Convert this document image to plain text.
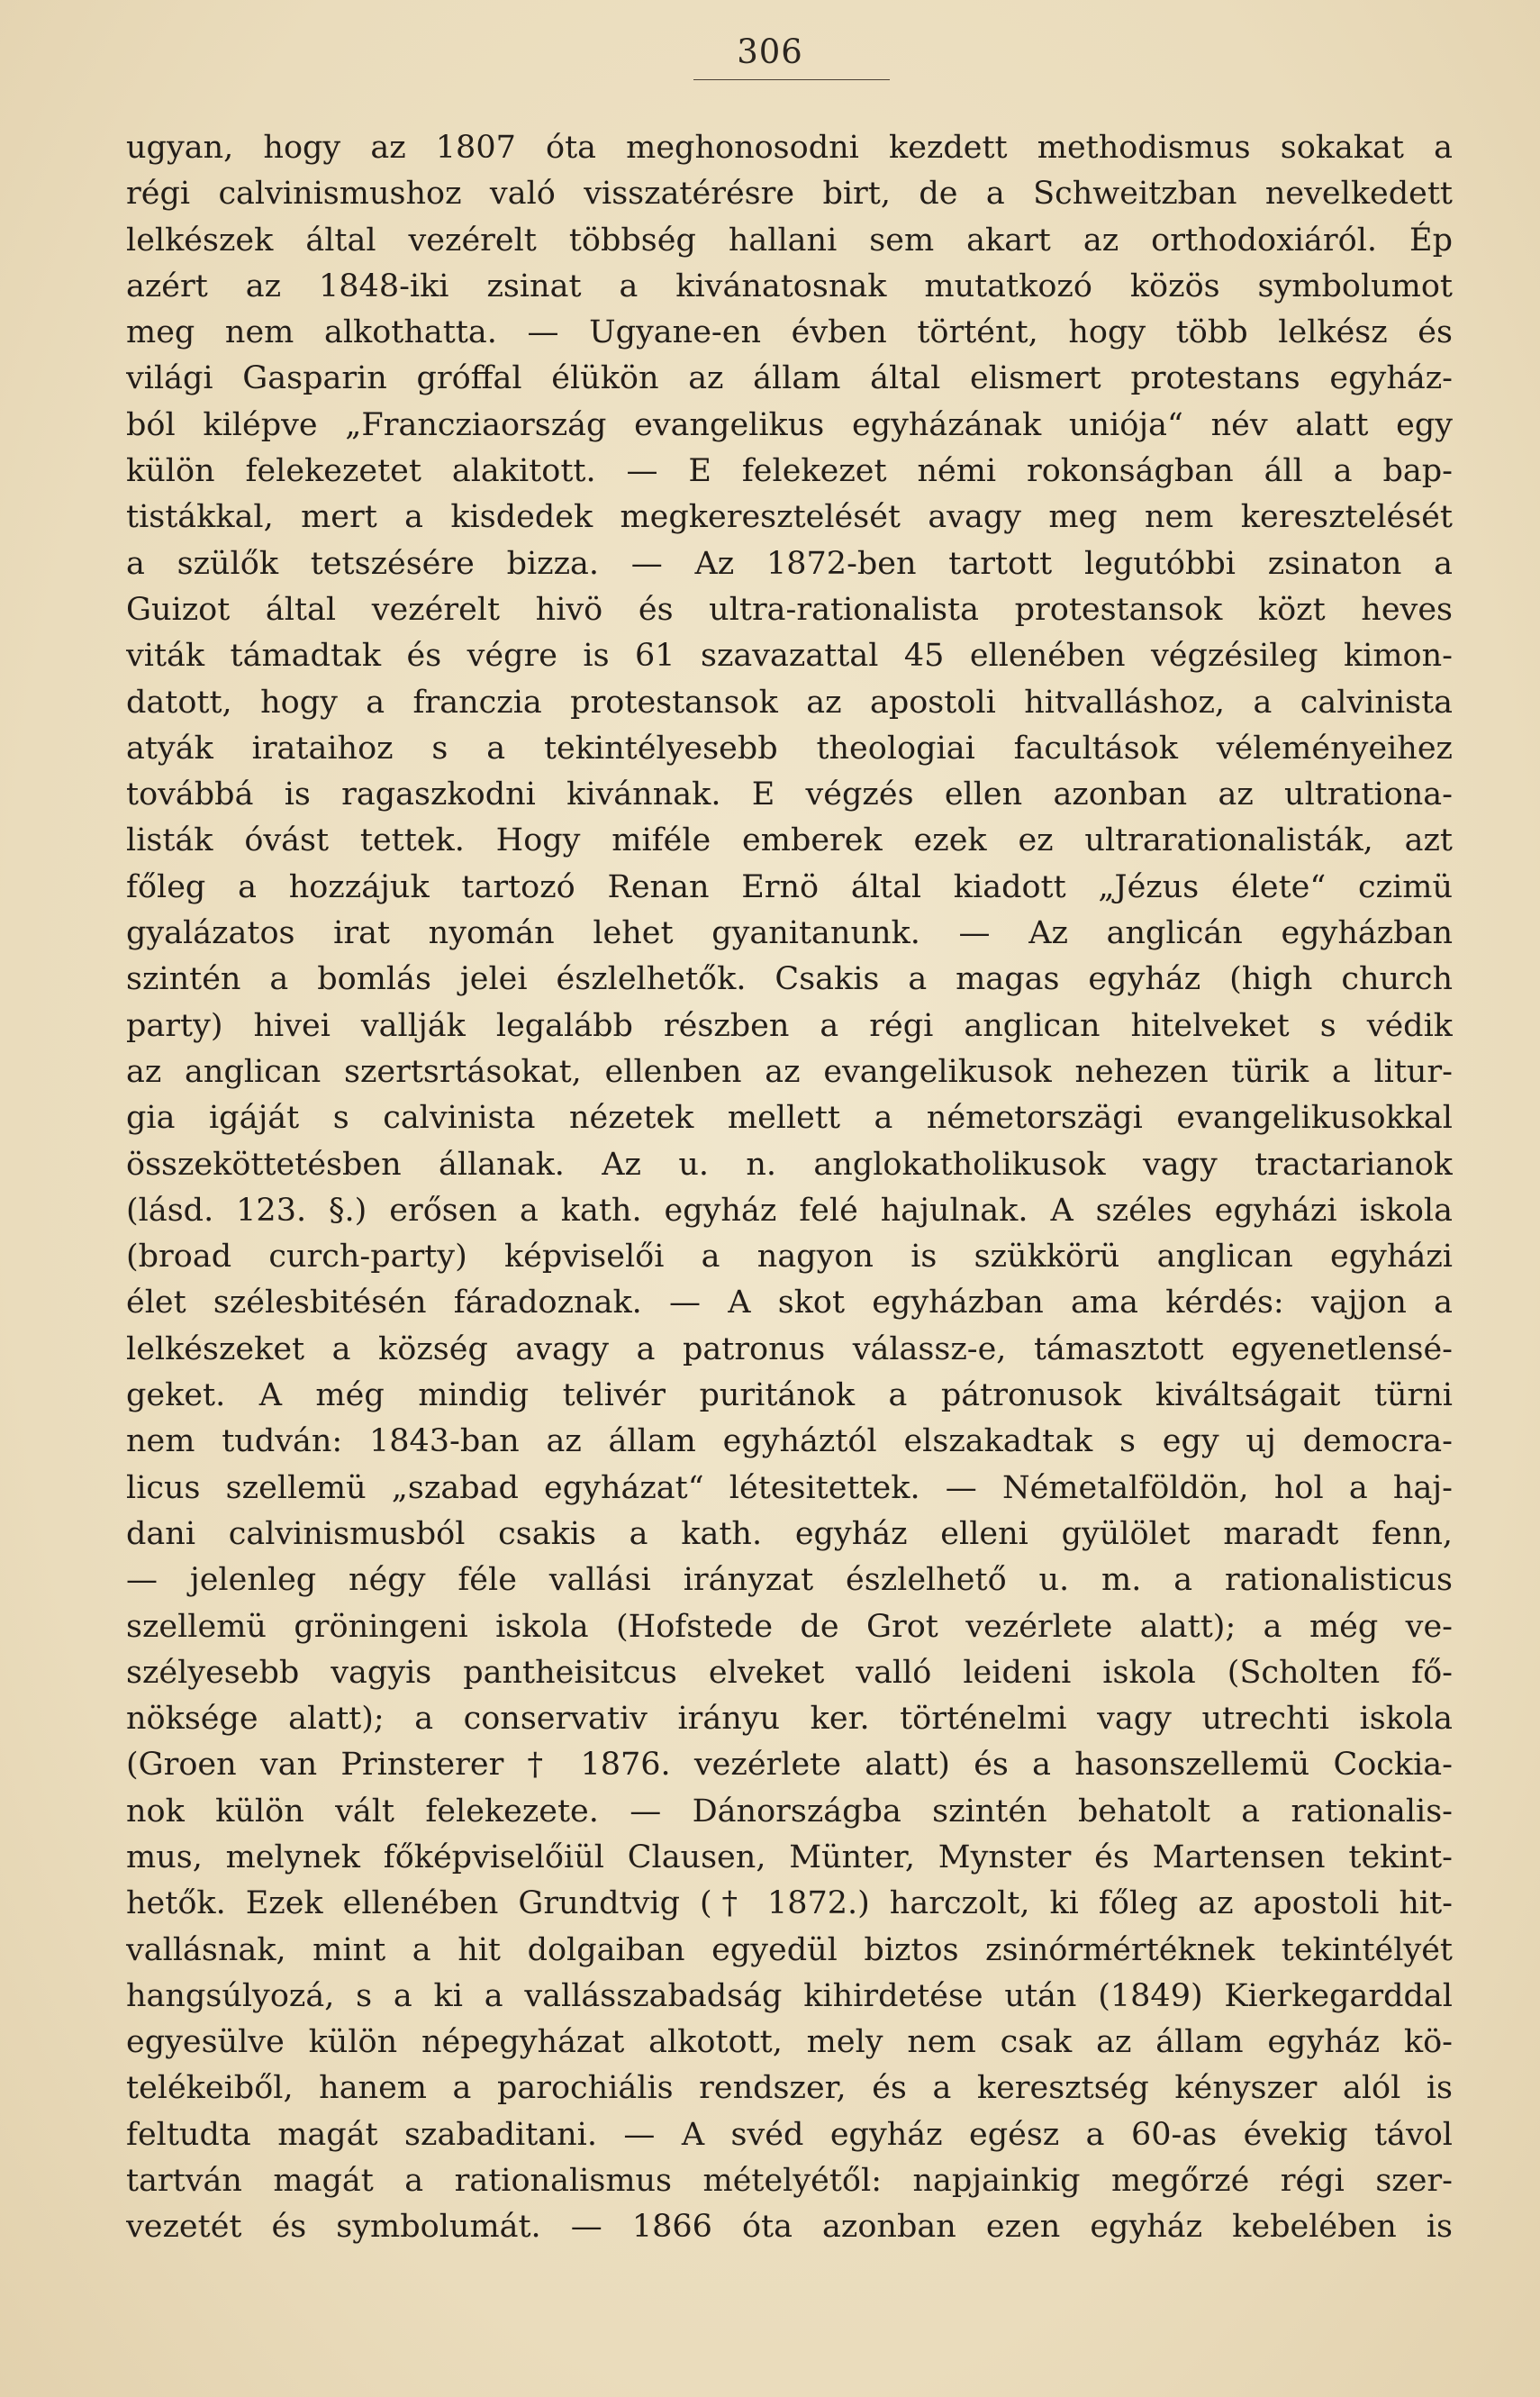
306
ugyan, hogy az 1807 óta meghonosodni kezdett methodismus sokakat a
régi calvinismushoz való visszatérésre birt, de a Schweitzban nevelkedett
lelkészek által vezérelt többség hallani sem akart az orthodoxiáról. Ép
azért az 1848-iki zsinat a kivánatosnak mutatkozó közös symbolumot
meg nem alkothatta. — Ugyane-en évben történt, hogy több lelkész és
világi Gasparin gróffal élükön az állam által elismert protestans egyház-
ból kilépve „Francziaország evangelikus egyházának uniója“ név alatt egy
külön felekezetet alakitott. — E felekezet némi rokonságban áll a bap-
tistákkal, mert a kisdedek megkeresztelését avagy meg nem keresztelését
a szülők tetszésére bizza. — Az 1872-ben tartott legutóbbi zsinaton a
Guizot által vezérelt hivö és ultra-rationalista protestansok közt heves
viták támadtak és végre is 61 szavazattal 45 ellenében végzésileg kimon-
datott, hogy a franczia protestansok az apostoli hitvalláshoz, a calvinista
atyák irataihoz s a tekintélyesebb theologiai facultások véleményeihez
továbbá is ragaszkodni kivánnak. E végzés ellen azonban az ultrationa-
listák óvást tettek. Hogy miféle emberek ezek ez ultrarationalisták, azt
főleg a hozzájuk tartozó Renan Ernö által kiadott „Jézus élete“ czimü
gyalázatos irat nyomán lehet gyanitanunk. — Az anglicán egyházban
szintén a bomlás jelei észlelhetők. Csakis a magas egyház (high church
party) hivei vallják legalább részben a régi anglican hitelveket s védik
az anglican szertsrtásokat, ellenben az evangelikusok nehezen türik a litur-
gia igáját s calvinista nézetek mellett a németorszägi evangelikusokkal
összeköttetésben állanak. Az u. n. anglokatholikusok vagy tractarianok
(lásd. 123. §.) erősen a kath. egyház felé hajulnak. A széles egyházi iskola
(broad curch-party) képviselői a nagyon is szükkörü anglican egyházi
élet szélesbitésén fáradoznak. — A skot egyházban ama kérdés: vajjon a
lelkészeket a község avagy a patronus válassz-e, támasztott egyenetlensé-
geket. A még mindig telivér puritánok a pátronusok kiváltságait türni
nem tudván: 1843-ban az állam egyháztól elszakadtak s egy uj democra-
licus szellemü „szabad egyházat“ létesitettek. — Németalföldön, hol a haj-
dani calvinismusból csakis a kath. egyház elleni gyülölet maradt fenn,
— jelenleg négy féle vallási irányzat észlelhető u. m. a rationalisticus
szellemü gröningeni iskola (Hofstede de Grot vezérlete alatt); a még ve-
szélyesebb vagyis pantheisitcus elveket valló leideni iskola (Scholten fő-
nöksége alatt); a conservativ irányu ker. történelmi vagy utrechti iskola
(Groen van Prinsterer † 1876. vezérlete alatt) és a hasonszellemü Cockia-
nok külön vált felekezete. — Dánországba szintén behatolt a rationalis-
mus, melynek főképviselőiül Clausen, Münter, Mynster és Martensen tekint-
hetők. Ezek ellenében Grundtvig († 1872.) harczolt, ki főleg az apostoli hit-
vallásnak, mint a hit dolgaiban egyedül biztos zsinórmértéknek tekintélyét
hangsúlyozá, s a ki a vallásszabadság kihirdetése után (1849) Kierkegarddal
egyesülve külön népegyházat alkotott, mely nem csak az állam egyház kö-
telékeiből, hanem a parochiális rendszer, és a keresztség kényszer alól is
feltudta magát szabaditani. — A svéd egyház egész a 60-as évekig távol
tartván magát a rationalismus mételyétől: napjainkig megőrzé régi szer-
vezetét és symbolumát. — 1866 óta azonban ezen egyház kebelében is
